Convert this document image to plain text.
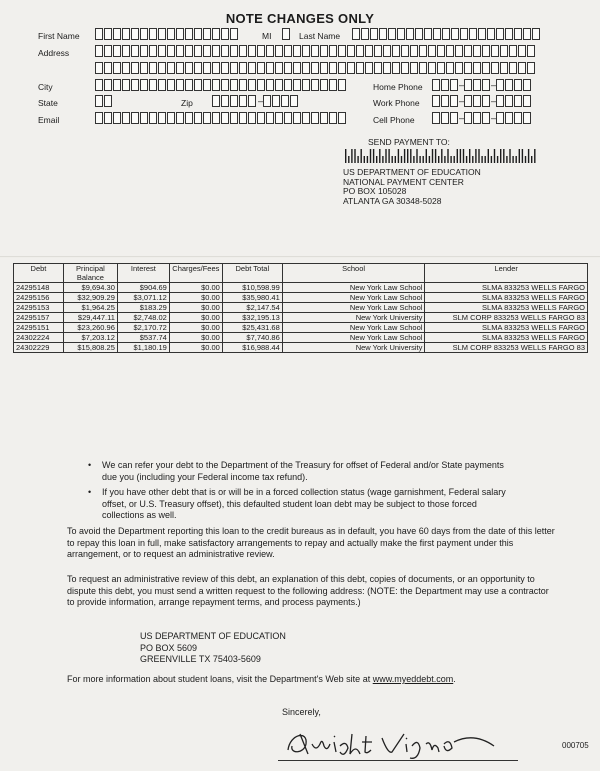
NOTE CHANGES ONLY
First Name	MI	Last Name
Address
City
State	Zip
Email
Home Phone
Work Phone
Cell Phone
–
–	–
–	–
–	–
SEND PAYMENT TO:
US DEPARTMENT OF EDUCATION
NATIONAL PAYMENT CENTER
PO BOX 105028
ATLANTA GA 30348-5028
Debt	Principal Balance	Interest	Charges/Fees	Debt Total	School	Lender
24295148	$9,694.30	$904.69	$0.00	$10,598.99	New York Law School	SLMA 833253 WELLS FARGO
24295156	$32,909.29	$3,071.12	$0.00	$35,980.41	New York Law School	SLMA 833253 WELLS FARGO
24295153	$1,964.25	$183.29	$0.00	$2,147.54	New York Law School	SLMA 833253 WELLS FARGO
24295157	$29,447.11	$2,748.02	$0.00	$32,195.13	New York University	SLM CORP 833253 WELLS FARGO 83
24295151	$23,260.96	$2,170.72	$0.00	$25,431.68	New York Law School	SLMA 833253 WELLS FARGO
24302224	$7,203.12	$537.74	$0.00	$7,740.86	New York Law School	SLMA 833253 WELLS FARGO
24302229	$15,808.25	$1,180.19	$0.00	$16,988.44	New York University	SLM CORP 833253 WELLS FARGO 83
• We can refer your debt to the Department of the Treasury for offset of Federal and/or State payments due you (including your Federal income tax refund).
• If you have other debt that is or will be in a forced collection status (wage garnishment, Federal salary offset, or U.S. Treasury offset), this defaulted student loan debt may be subject to those forced collections as well.
To avoid the Department reporting this loan to the credit bureaus as in default, you have 60 days from the date of this letter to repay this loan in full, make satisfactory arrangements to repay and actually make the first payment under this arrangement, or to request an administrative review.
To request an administrative review of this debt, an explanation of this debt, copies of documents, or an opportunity to dispute this debt, you must send a written request to the following address: (NOTE: the Department may use a contractor to provide information, arrange repayment terms, and process payments.)
US DEPARTMENT OF EDUCATION
PO BOX 5609
GREENVILLE TX 75403-5609
For more information about student loans, visit the Department's Web site at www.myeddebt.com.
Sincerely,
Dwight Vigna
000705
